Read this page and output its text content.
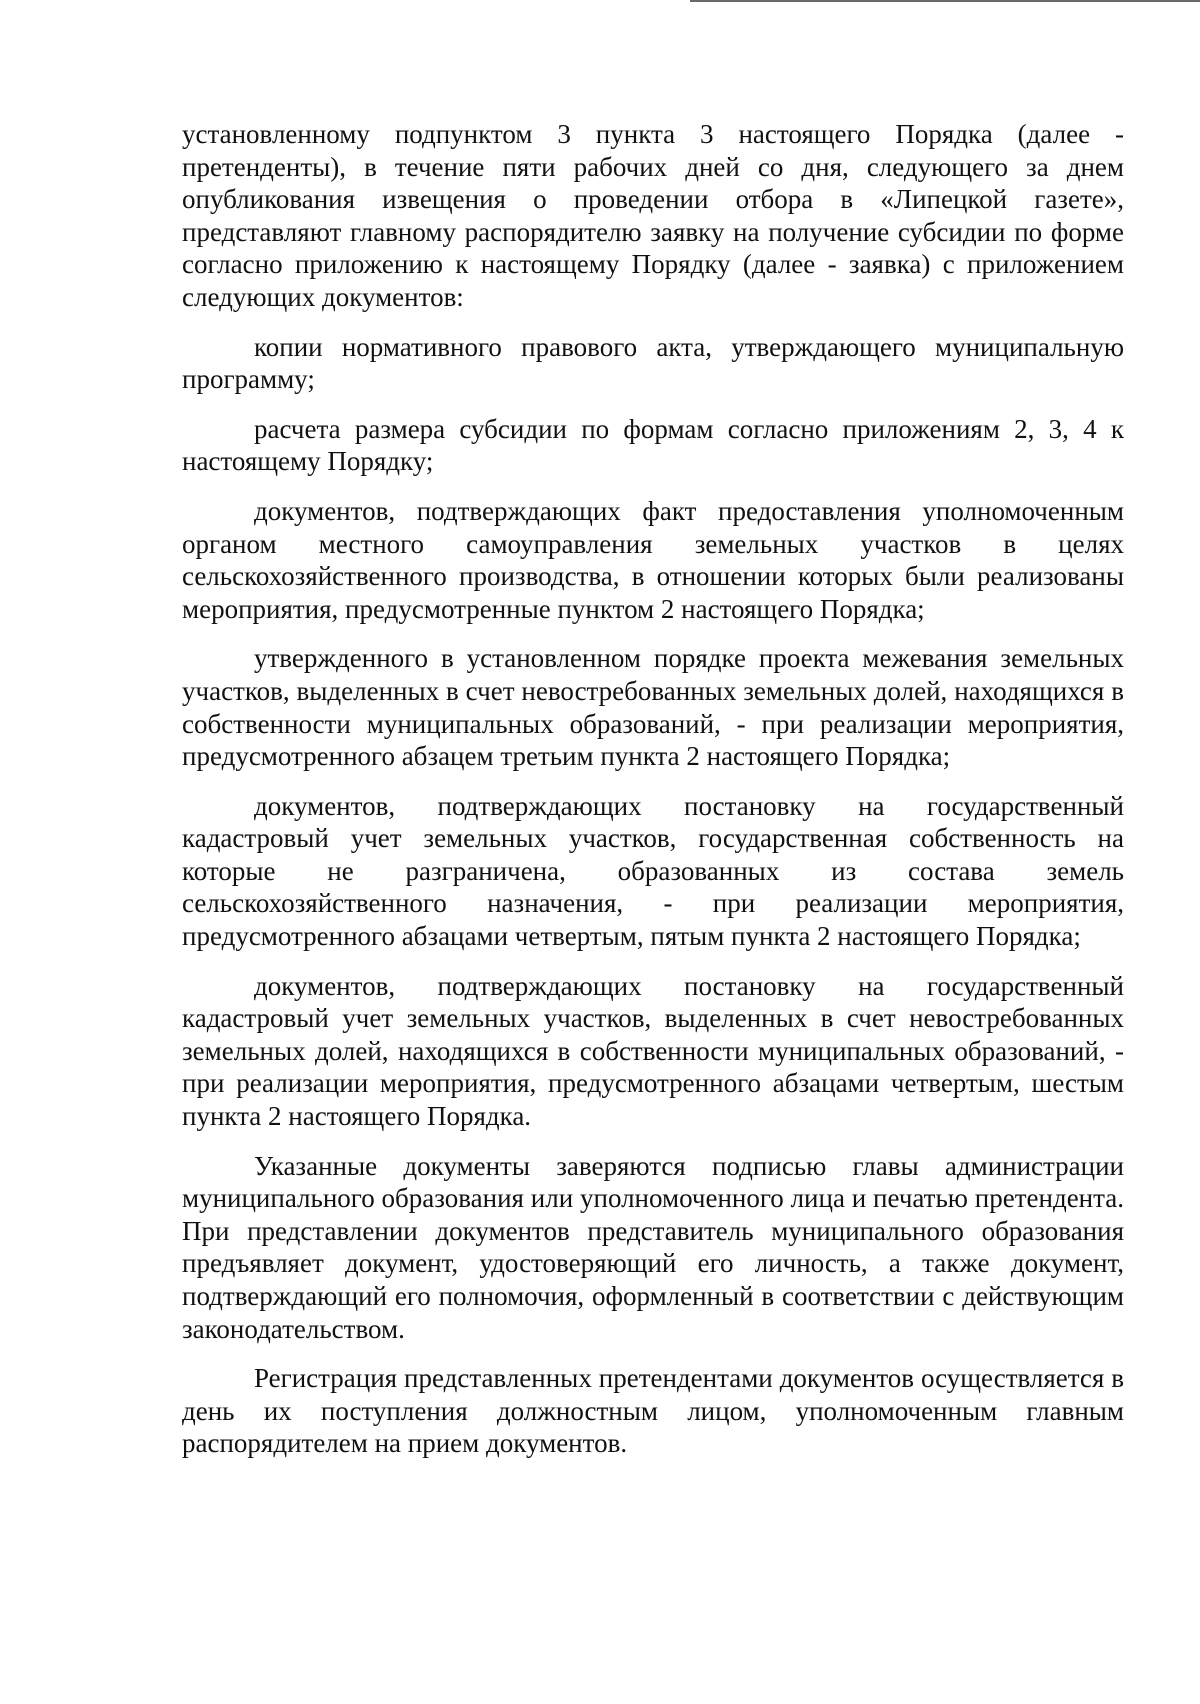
установленному подпунктом 3 пункта 3 настоящего Порядка (далее - претенденты), в течение пяти рабочих дней со дня, следующего за днем опубликования извещения о проведении отбора в «Липецкой газете», представляют главному распорядителю заявку на получение субсидии по форме согласно приложению к настоящему Порядку (далее - заявка) с приложением следующих документов:

копии нормативного правового акта, утверждающего муниципальную программу;

расчета размера субсидии по формам согласно приложениям 2, 3, 4 к настоящему Порядку;

документов, подтверждающих факт предоставления уполномоченным органом местного самоуправления земельных участков в целях сельскохозяйственного производства, в отношении которых были реализованы мероприятия, предусмотренные пунктом 2 настоящего Порядка;

утвержденного в установленном порядке проекта межевания земельных участков, выделенных в счет невостребованных земельных долей, находящихся в собственности муниципальных образований, - при реализации мероприятия, предусмотренного абзацем третьим пункта 2 настоящего Порядка;

документов, подтверждающих постановку на государственный кадастровый учет земельных участков, государственная собственность на которые не разграничена, образованных из состава земель сельскохозяйственного назначения, - при реализации мероприятия, предусмотренного абзацами четвертым, пятым пункта 2 настоящего Порядка;

документов, подтверждающих постановку на государственный кадастровый учет земельных участков, выделенных в счет невостребованных земельных долей, находящихся в собственности муниципальных образований, - при реализации мероприятия, предусмотренного абзацами четвертым, шестым пункта 2 настоящего Порядка.

Указанные документы заверяются подписью главы администрации муниципального образования или уполномоченного лица и печатью претендента. При представлении документов представитель муниципального образования предъявляет документ, удостоверяющий его личность, а также документ, подтверждающий его полномочия, оформленный в соответствии с действующим законодательством.

Регистрация представленных претендентами документов осуществляется в день их поступления должностным лицом, уполномоченным главным распорядителем на прием документов.
